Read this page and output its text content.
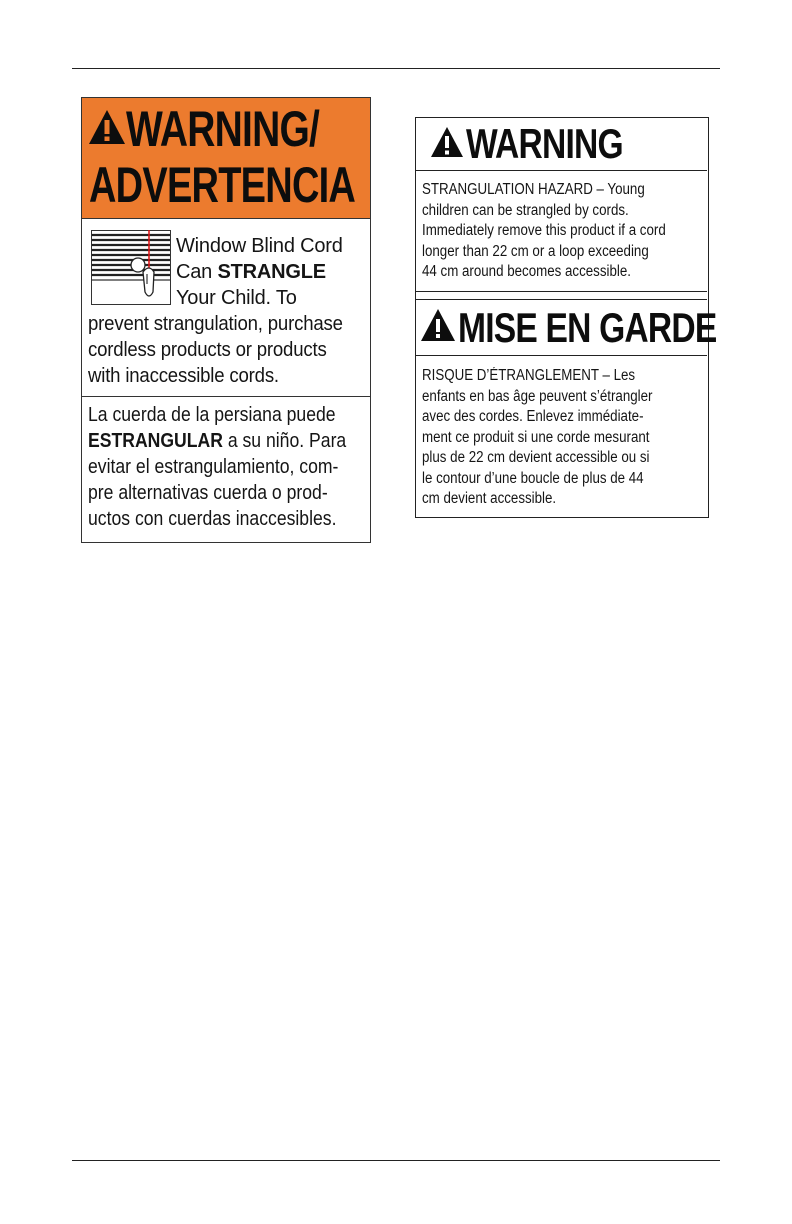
WARNING/
ADVERTENCIA
Window Blind Cord
Can STRANGLE
Your Child. To
prevent strangulation, purchase
cordless products or products
with inaccessible cords.
La cuerda de la persiana puede
ESTRANGULAR a su niño. Para
evitar el estrangulamiento, com-
pre alternativas cuerda o prod-
uctos con cuerdas inaccesibles.
WARNING
STRANGULATION HAZARD – Young
children can be strangled by cords.
Immediately remove this product if a cord
longer than 22 cm or a loop exceeding
44 cm around becomes accessible.
MISE EN GARDE
RISQUE D’ÉTRANGLEMENT – Les
enfants en bas âge peuvent s’étrangler
avec des cordes. Enlevez immédiate-
ment ce produit si une corde mesurant
plus de 22 cm devient accessible ou si
le contour d’une boucle de plus de 44
cm devient accessible.
